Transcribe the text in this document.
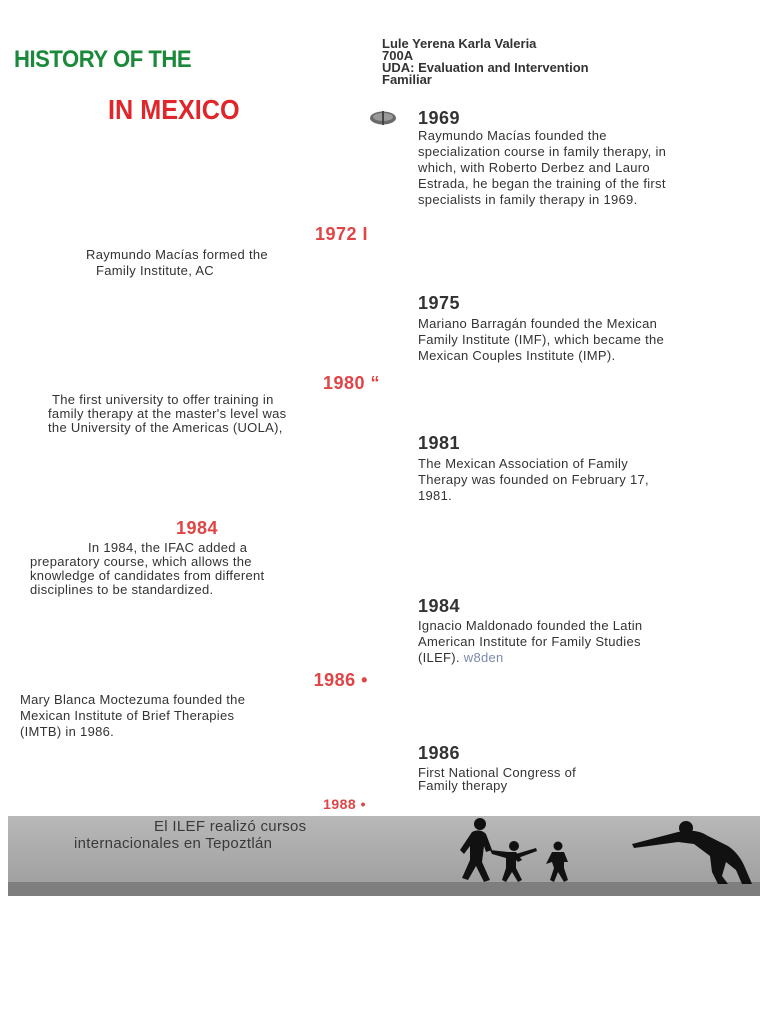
HISTORY OF THE
IN MEXICO
Lule Yerena Karla Valeria
700A
UDA: Evaluation and Intervention
Familiar
1969
Raymundo Macías founded the
specialization course in family therapy, in
which, with Roberto Derbez and Lauro
Estrada, he began the training of the first
specialists in family therapy in 1969.
1975
Mariano Barragán founded the Mexican
Family Institute (IMF), which became the
Mexican Couples Institute (IMP).
1981
The Mexican Association of Family
Therapy was founded on February 17,
1981.
1984
Ignacio Maldonado founded the Latin
American Institute for Family Studies
(ILEF). w8den
1986
First National Congress of
Family therapy
1972 I
Raymundo Macías formed the
Family Institute, AC
1980 “
The first university to offer training in
family therapy at the master's level was
the University of the Americas (UOLA),
1984
In 1984, the IFAC added a
preparatory course, which allows the
knowledge of candidates from different
disciplines to be standardized.
1986 •
Mary Blanca Moctezuma founded the
Mexican Institute of Brief Therapies
(IMTB) in 1986.
1988 •
El ILEF realizó cursos
internacionales en Tepoztlán
